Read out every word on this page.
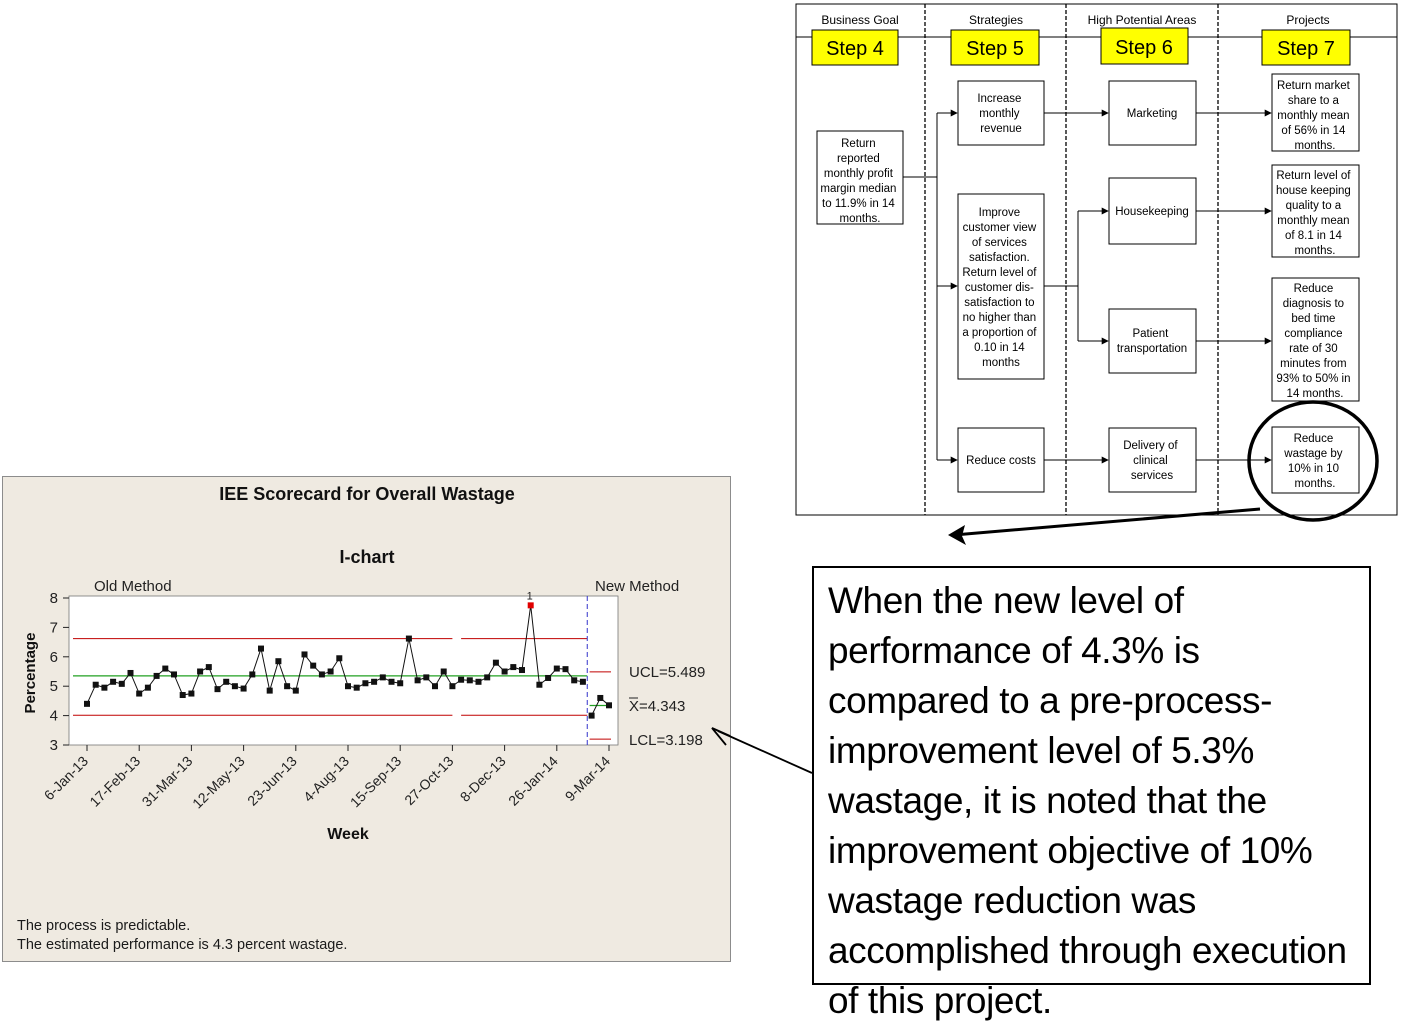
Business Goal	Strategies	High Potential Areas	Projects
Step 4	Step 5	Step 6	Step 7
Return reported monthly profit margin median to 11.9% in 14 months.
Increase monthly revenue
Improve customer view of services satisfaction. Return level of customer dis- satisfaction to no higher than a proportion of 0.10 in 14 months
Reduce costs
Marketing
Housekeeping
Patient transportation
Delivery of clinical services
Return market share to a monthly mean of 56% in 14 months.
Return level of house keeping quality to a monthly mean of 8.1 in 14 months.
Reduce diagnosis to bed time compliance rate of 30 minutes from 93% to 50% in 14 months.
Reduce wastage by 10% in 10 months.
IEE Scorecard for Overall Wastage
I-chart
Old Method	New Method
3
4
5
6
7
8	1
6-Jan-13
17-Feb-13
31-Mar-13
12-May-13
23-Jun-13 4-Aug-13
15-Sep-13
27-Oct-13 8-Dec-13
26-Jan-14 9-Mar-14
UCL=5.489
X=4.343
LCL=3.198
Week
Percentage
The process is predictable.
The estimated performance is 4.3 percent wastage.
When the new level of performance of 4.3% is compared to a pre-process-improvement level of 5.3% wastage, it is noted that the improvement objective of 10% wastage reduction was accomplished through execution of this project.
